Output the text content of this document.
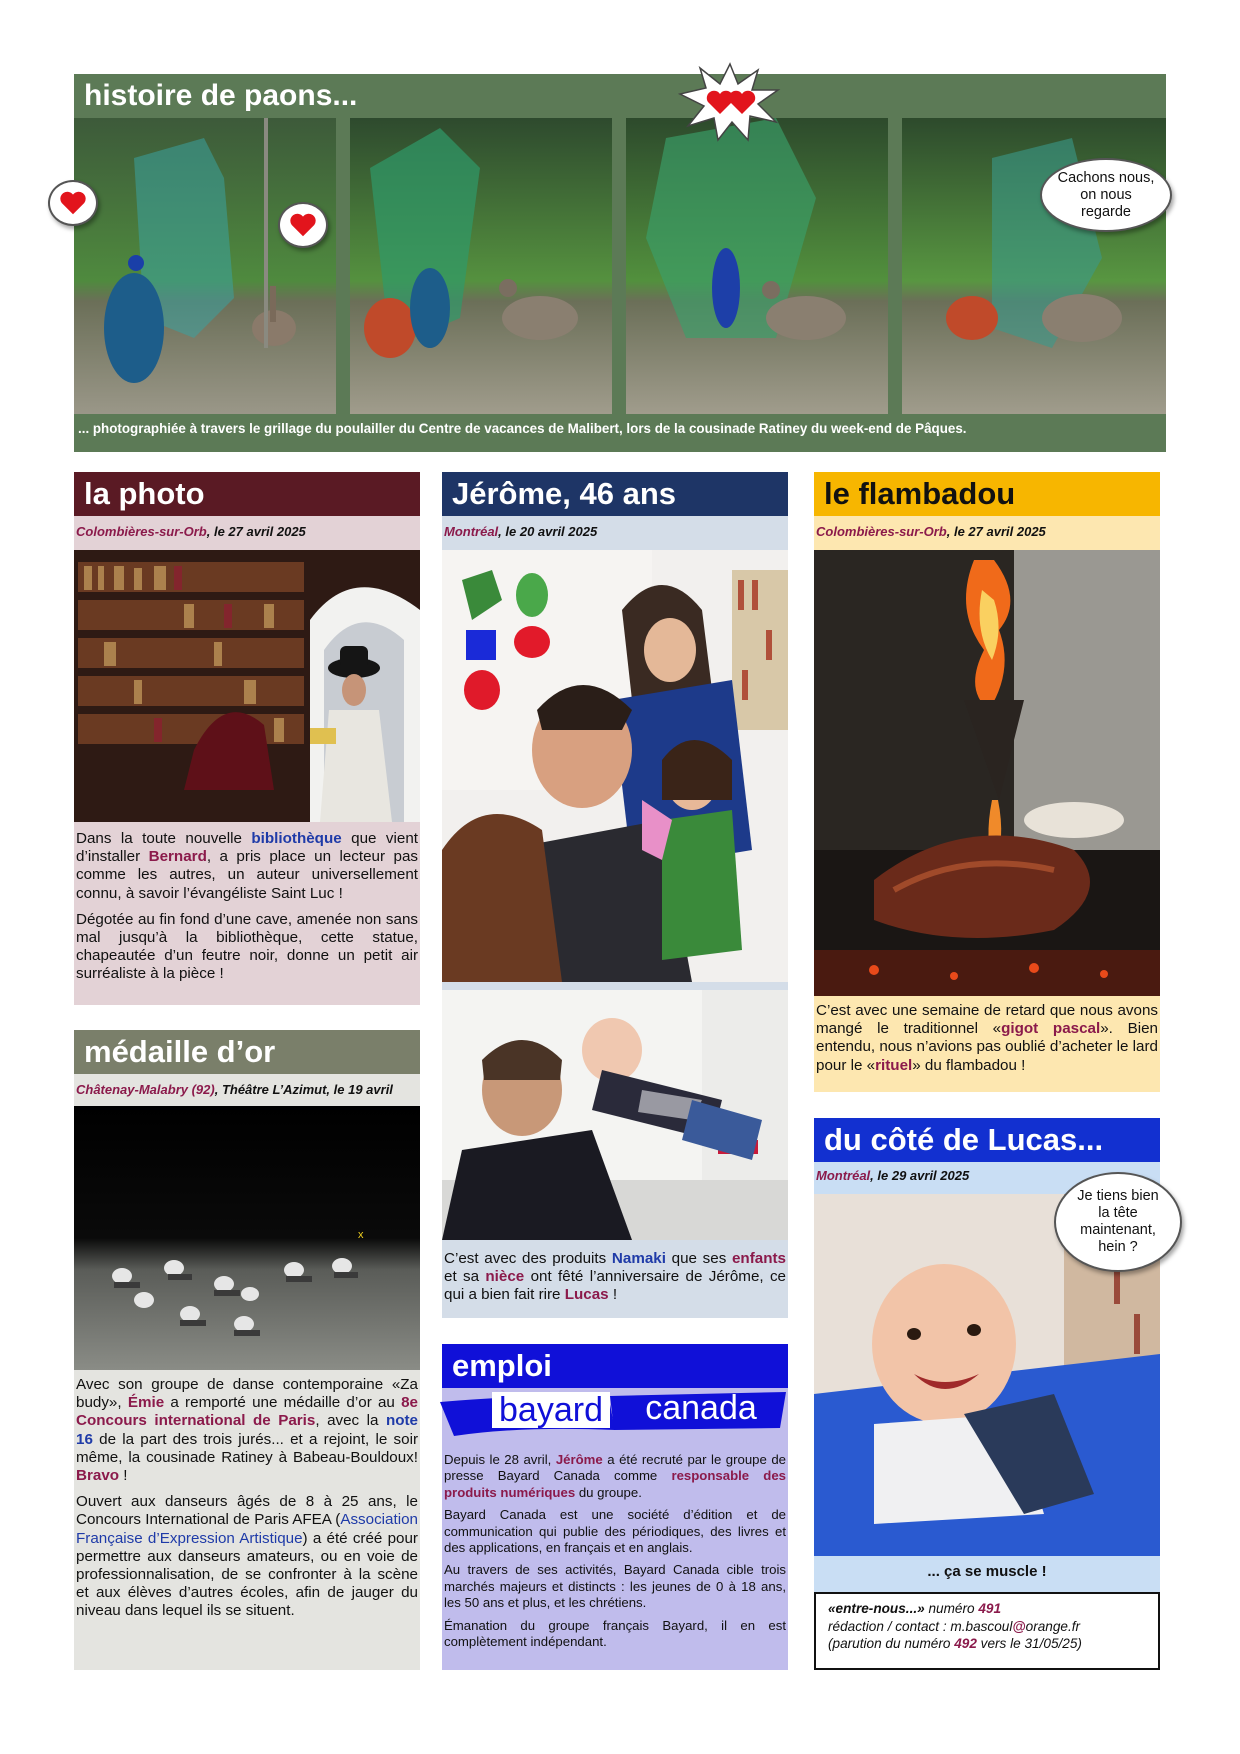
histoire de paons...
Cachons nous, on nous regarde
... photographiée à travers le grillage du poulailler du Centre de vacances de Malibert, lors de la cousinade Ratiney du week-end de Pâques.
la photo
Colombières-sur-Orb, le 27 avril 2025

Dans la toute nouvelle bibliothèque que vient d’installer Bernard, a pris place un lecteur pas comme les autres, un auteur universellement connu, à savoir l’évangéliste Saint Luc !

Dégotée au fin fond d’une cave, amenée non sans mal jusqu’à la bibliothèque, cette statue, chapeautée d’un feutre noir, donne un petit air surréaliste à la pièce !

médaille d’or
Châtenay-Malabry (92), Théâtre L’Azimut, le 19 avril
x

Avec son groupe de danse contemporaine «Za budy», Émie a remporté une médaille d’or au 8e Concours international de Paris, avec la note 16 de la part des trois jurés... et a rejoint, le soir même, la cousinade Ratiney à Babeau-Bouldoux! Bravo !

Ouvert aux danseurs âgés de 8 à 25 ans, le Concours International de Paris AFEA (Association Française d’Expression Artistique) a été créé pour permettre aux danseurs amateurs, ou en voie de professionnalisation, de se confronter à la scène et aux élèves d’autres écoles, afin de jauger du niveau dans lequel ils se situent.

Jérôme, 46 ans
Montréal, le 20 avril 2025

C’est avec des produits Namaki que ses enfants et sa nièce ont fêté l’anniversaire de Jérôme, ce qui a bien fait rire Lucas !

emploi
bayard	canada

Depuis le 28 avril, Jérôme a été recruté par le groupe de presse Bayard Canada comme responsable des produits numériques du groupe.

Bayard Canada est une société d’édition et de communication qui publie des périodiques, des livres et des applications, en français et en anglais.

Au travers de ses activités, Bayard Canada cible trois marchés majeurs et distincts : les jeunes de 0 à 18 ans, les 50 ans et plus, et les chrétiens.

Émanation du groupe français Bayard, il en est complètement indépendant.

le flambadou
Colombières-sur-Orb, le 27 avril 2025

C’est avec une semaine de retard que nous avons mangé le traditionnel «gigot pascal». Bien entendu, nous n’avions pas oublié d’acheter le lard pour le «rituel» du flambadou !

du côté de Lucas...
Montréal, le 29 avril 2025
Je tiens bien la tête maintenant, hein ?
... ça se muscle !
«entre-nous...» numéro 491
rédaction / contact : m.bascoul@orange.fr
(parution du numéro 492 vers le 31/05/25)
